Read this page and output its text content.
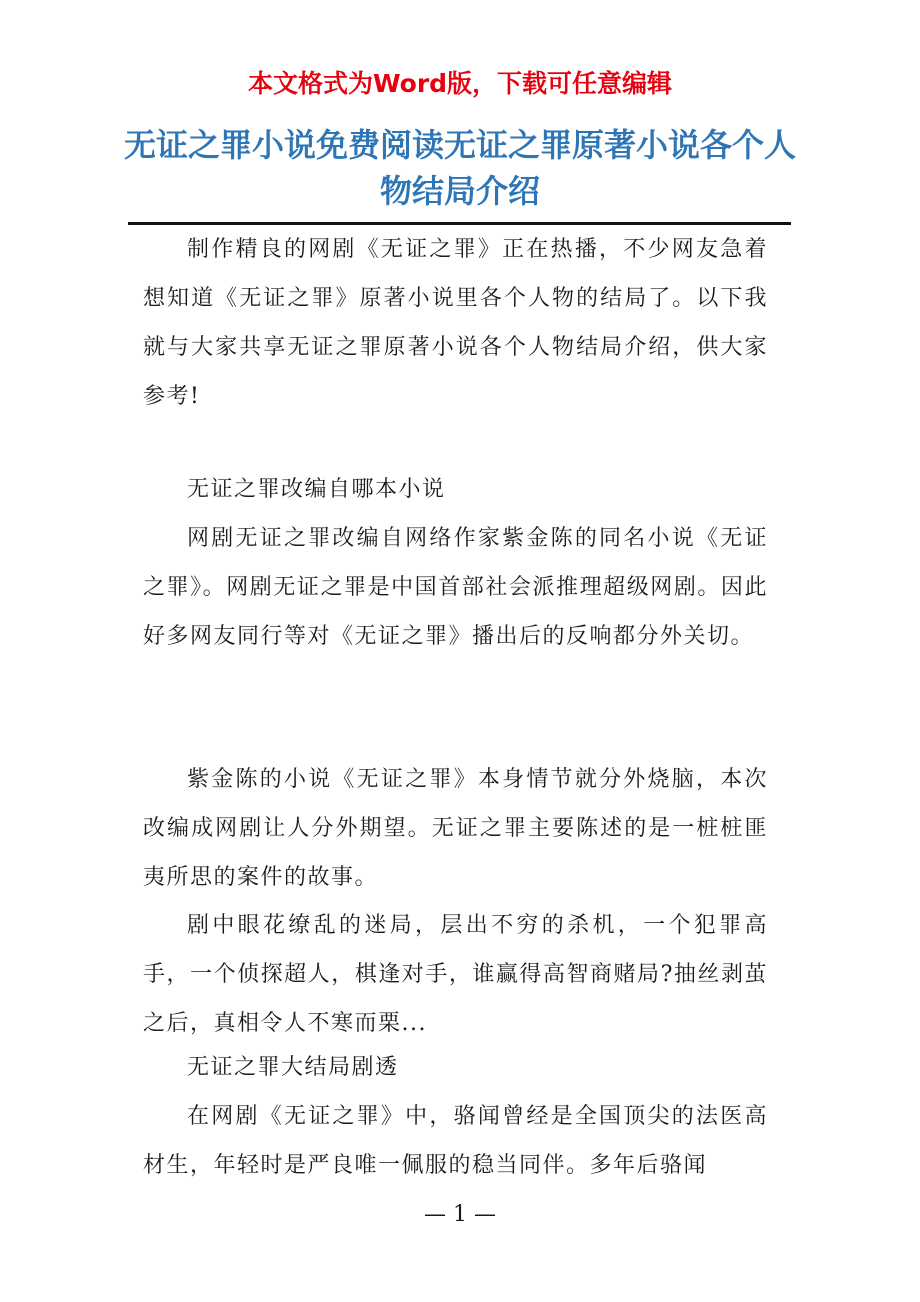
本文格式为Word版，下载可任意编辑
无证之罪小说免费阅读无证之罪原著小说各个人物结局介绍

制作精良的网剧《无证之罪》正在热播，不少网友急着想知道《无证之罪》原著小说里各个人物的结局了。以下我就与大家共享无证之罪原著小说各个人物结局介绍，供大家参考!

无证之罪改编自哪本小说

网剧无证之罪改编自网络作家紫金陈的同名小说《无证之罪》。网剧无证之罪是中国首部社会派推理超级网剧。因此好多网友同行等对《无证之罪》播出后的反响都分外关切。

紫金陈的小说《无证之罪》本身情节就分外烧脑，本次改编成网剧让人分外期望。无证之罪主要陈述的是一桩桩匪夷所思的案件的故事。

剧中眼花缭乱的迷局，层出不穷的杀机，一个犯罪高手，一个侦探超人，棋逢对手，谁赢得高智商赌局?抽丝剥茧之后，真相令人不寒而栗...

无证之罪大结局剧透

在网剧《无证之罪》中，骆闻曾经是全国顶尖的法医高材生，年轻时是严良唯一佩服的稳当同伴。多年后骆闻

— 1 —
